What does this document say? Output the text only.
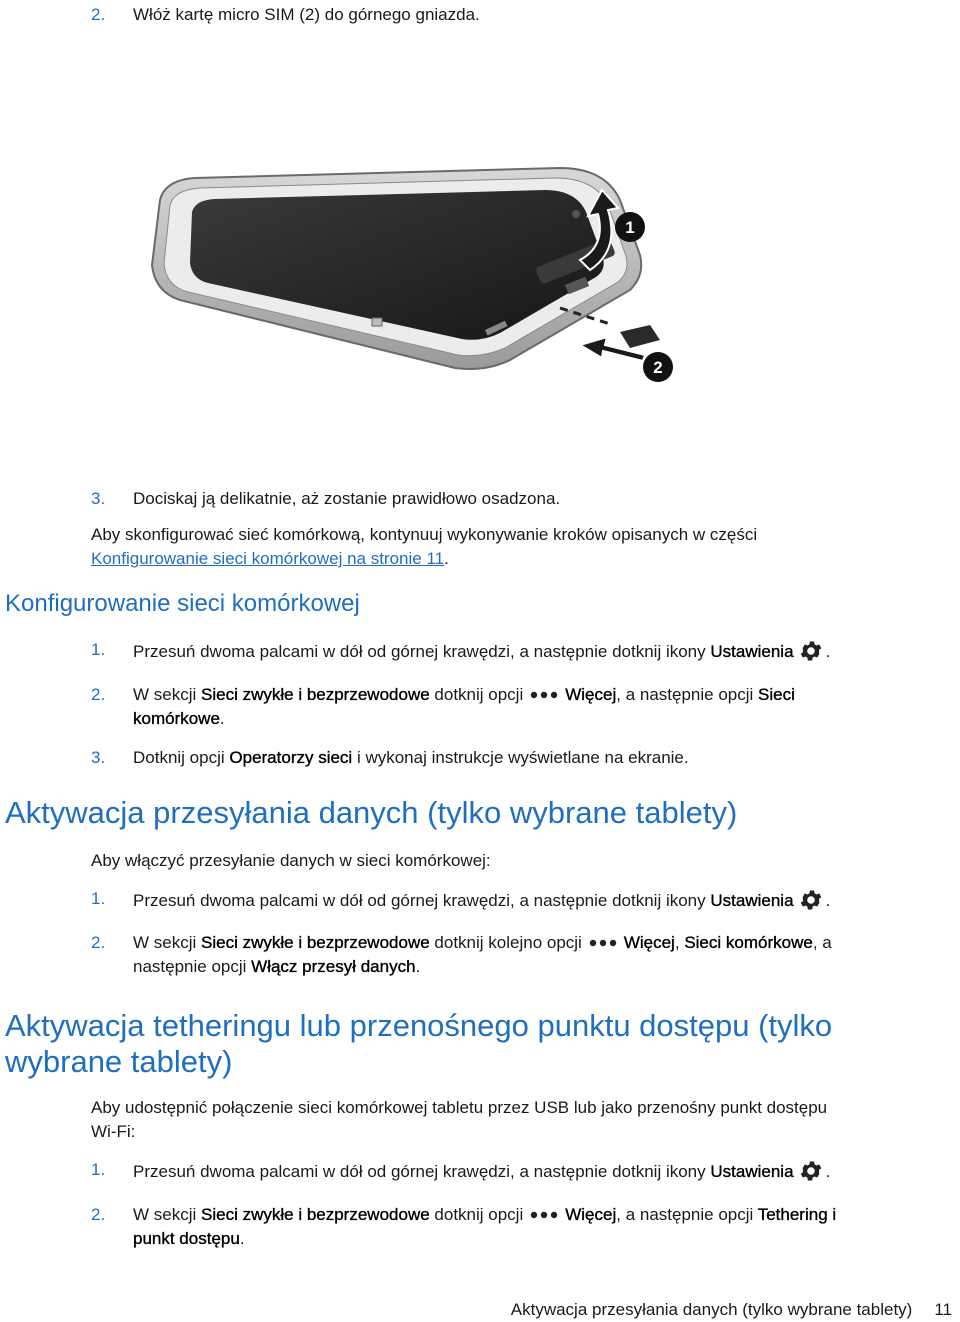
2. Włóż kartę micro SIM (2) do górnego gniazda.
1
2
3. Dociskaj ją delikatnie, aż zostanie prawidłowo osadzona.
Aby skonfigurować sieć komórkową, kontynuuj wykonywanie kroków opisanych w części
Konfigurowanie sieci komórkowej na stronie 11.
Konfigurowanie sieci komórkowej
1. Przesuń dwoma palcami w dół od górnej krawędzi, a następnie dotknij ikony Ustawienia .
2. W sekcji Sieci zwykłe i bezprzewodowe dotknij opcji Więcej, a następnie opcji Sieci
komórkowe.
3. Dotknij opcji Operatorzy sieci i wykonaj instrukcje wyświetlane na ekranie.
Aktywacja przesyłania danych (tylko wybrane tablety)
Aby włączyć przesyłanie danych w sieci komórkowej:
1. Przesuń dwoma palcami w dół od górnej krawędzi, a następnie dotknij ikony Ustawienia .
2. W sekcji Sieci zwykłe i bezprzewodowe dotknij kolejno opcji Więcej, Sieci komórkowe, a
następnie opcji Włącz przesył danych.
Aktywacja tetheringu lub przenośnego punktu dostępu (tylko
wybrane tablety)
Aby udostępnić połączenie sieci komórkowej tabletu przez USB lub jako przenośny punkt dostępu
Wi-Fi:
1. Przesuń dwoma palcami w dół od górnej krawędzi, a następnie dotknij ikony Ustawienia .
2. W sekcji Sieci zwykłe i bezprzewodowe dotknij opcji Więcej, a następnie opcji Tethering i
punkt dostępu.
Aktywacja przesyłania danych (tylko wybrane tablety) 11
